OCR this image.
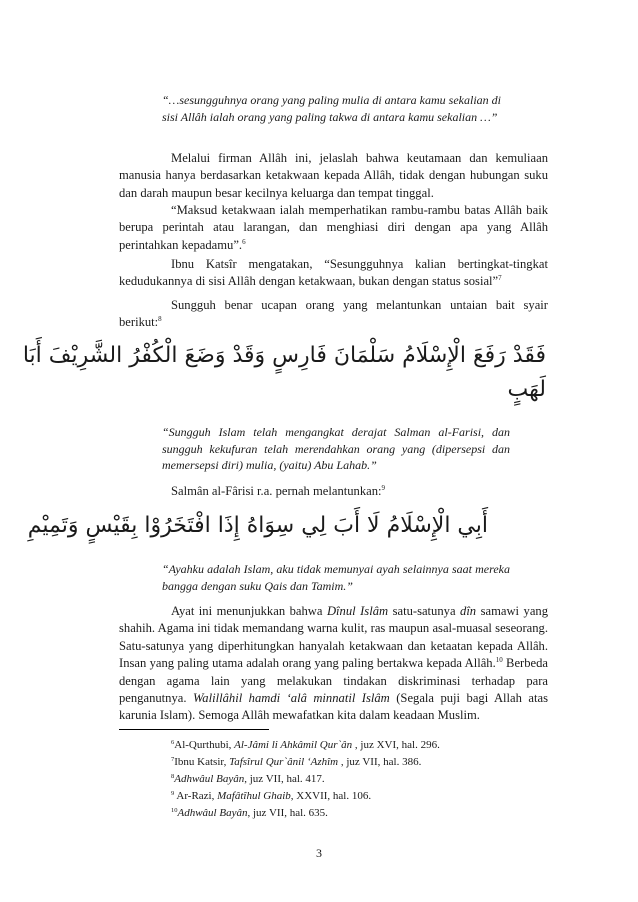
“…sesungguhnya orang yang paling mulia di antara kamu sekalian di
sisi Allâh ialah orang yang paling takwa di antara kamu sekalian …”
Melalui firman Allâh ini, jelaslah bahwa keutamaan dan kemuliaan manusia hanya berdasarkan ketakwaan kepada Allâh, tidak dengan hubungan suku dan darah maupun besar kecilnya keluarga dan tempat tinggal.
“Maksud ketakwaan ialah memperhatikan rambu-rambu batas Allâh baik berupa perintah atau larangan, dan menghiasi diri dengan apa yang Allâh perintahkan kepadamu”.$^6$
Ibnu Katsîr mengatakan, “Sesungguhnya kalian bertingkat-tingkat kedudukannya di sisi Allâh dengan ketakwaan, bukan dengan status sosial”$^7$
Sungguh benar ucapan orang yang melantunkan untaian bait syair berikut:$^8$
فَقَدْ رَفَعَ الْإِسْلَامُ سَلْمَانَ فَارِسٍ وَقَدْ وَضَعَ الْكُفْرُ الشَّرِيْفَ أَبَا
لَهَبٍ
“Sungguh Islam telah mengangkat derajat Salman al-Farisi, dan sungguh kekufuran telah merendahkan orang yang (dipersepsi dan memersepsi diri) mulia, (yaitu) Abu Lahab.”
Salmân al-Fârisi r.a. pernah melantunkan:$^9$
أَبِي الْإِسْلَامُ لَا أَبَ لِي سِوَاهُ إِذَا افْتَخَرُوْا بِقَيْسٍ وَتَمِيْمِ
“Ayahku adalah Islam, aku tidak memunyai ayah selainnya saat mereka bangga dengan suku Qais dan Tamim.”
Ayat ini menunjukkan bahwa Dînul Islâm satu-satunya dîn samawi yang shahih. Agama ini tidak memandang warna kulit, ras maupun asal-muasal seseorang. Satu-satunya yang diperhitungkan hanyalah ketakwaan dan ketaatan kepada Allâh. Insan yang paling utama adalah orang yang paling bertakwa kepada Allâh.$^{10}$ Berbeda dengan agama lain yang melakukan tindakan diskriminasi terhadap para penganutnya. Walillâhil hamdi ‘alâ minnatil Islâm (Segala puji bagi Allah atas karunia Islam). Semoga Allâh mewafatkan kita dalam keadaan Muslim.
$^6$Al-Qurthubi, Al-Jâmi li Ahkâmil Qur`ân , juz XVI, hal. 296.
$^7$Ibnu Katsir, Tafsîrul Qur`ânil ‘Azhîm , juz VII, hal. 386.
$^8$Adhwâul Bayân, juz VII, hal. 417.
$^9$ Ar-Razi, Mafâtîhul Ghaib, XXVII, hal. 106.
$^{10}$Adhwâul Bayân, juz VII, hal. 635.
3
